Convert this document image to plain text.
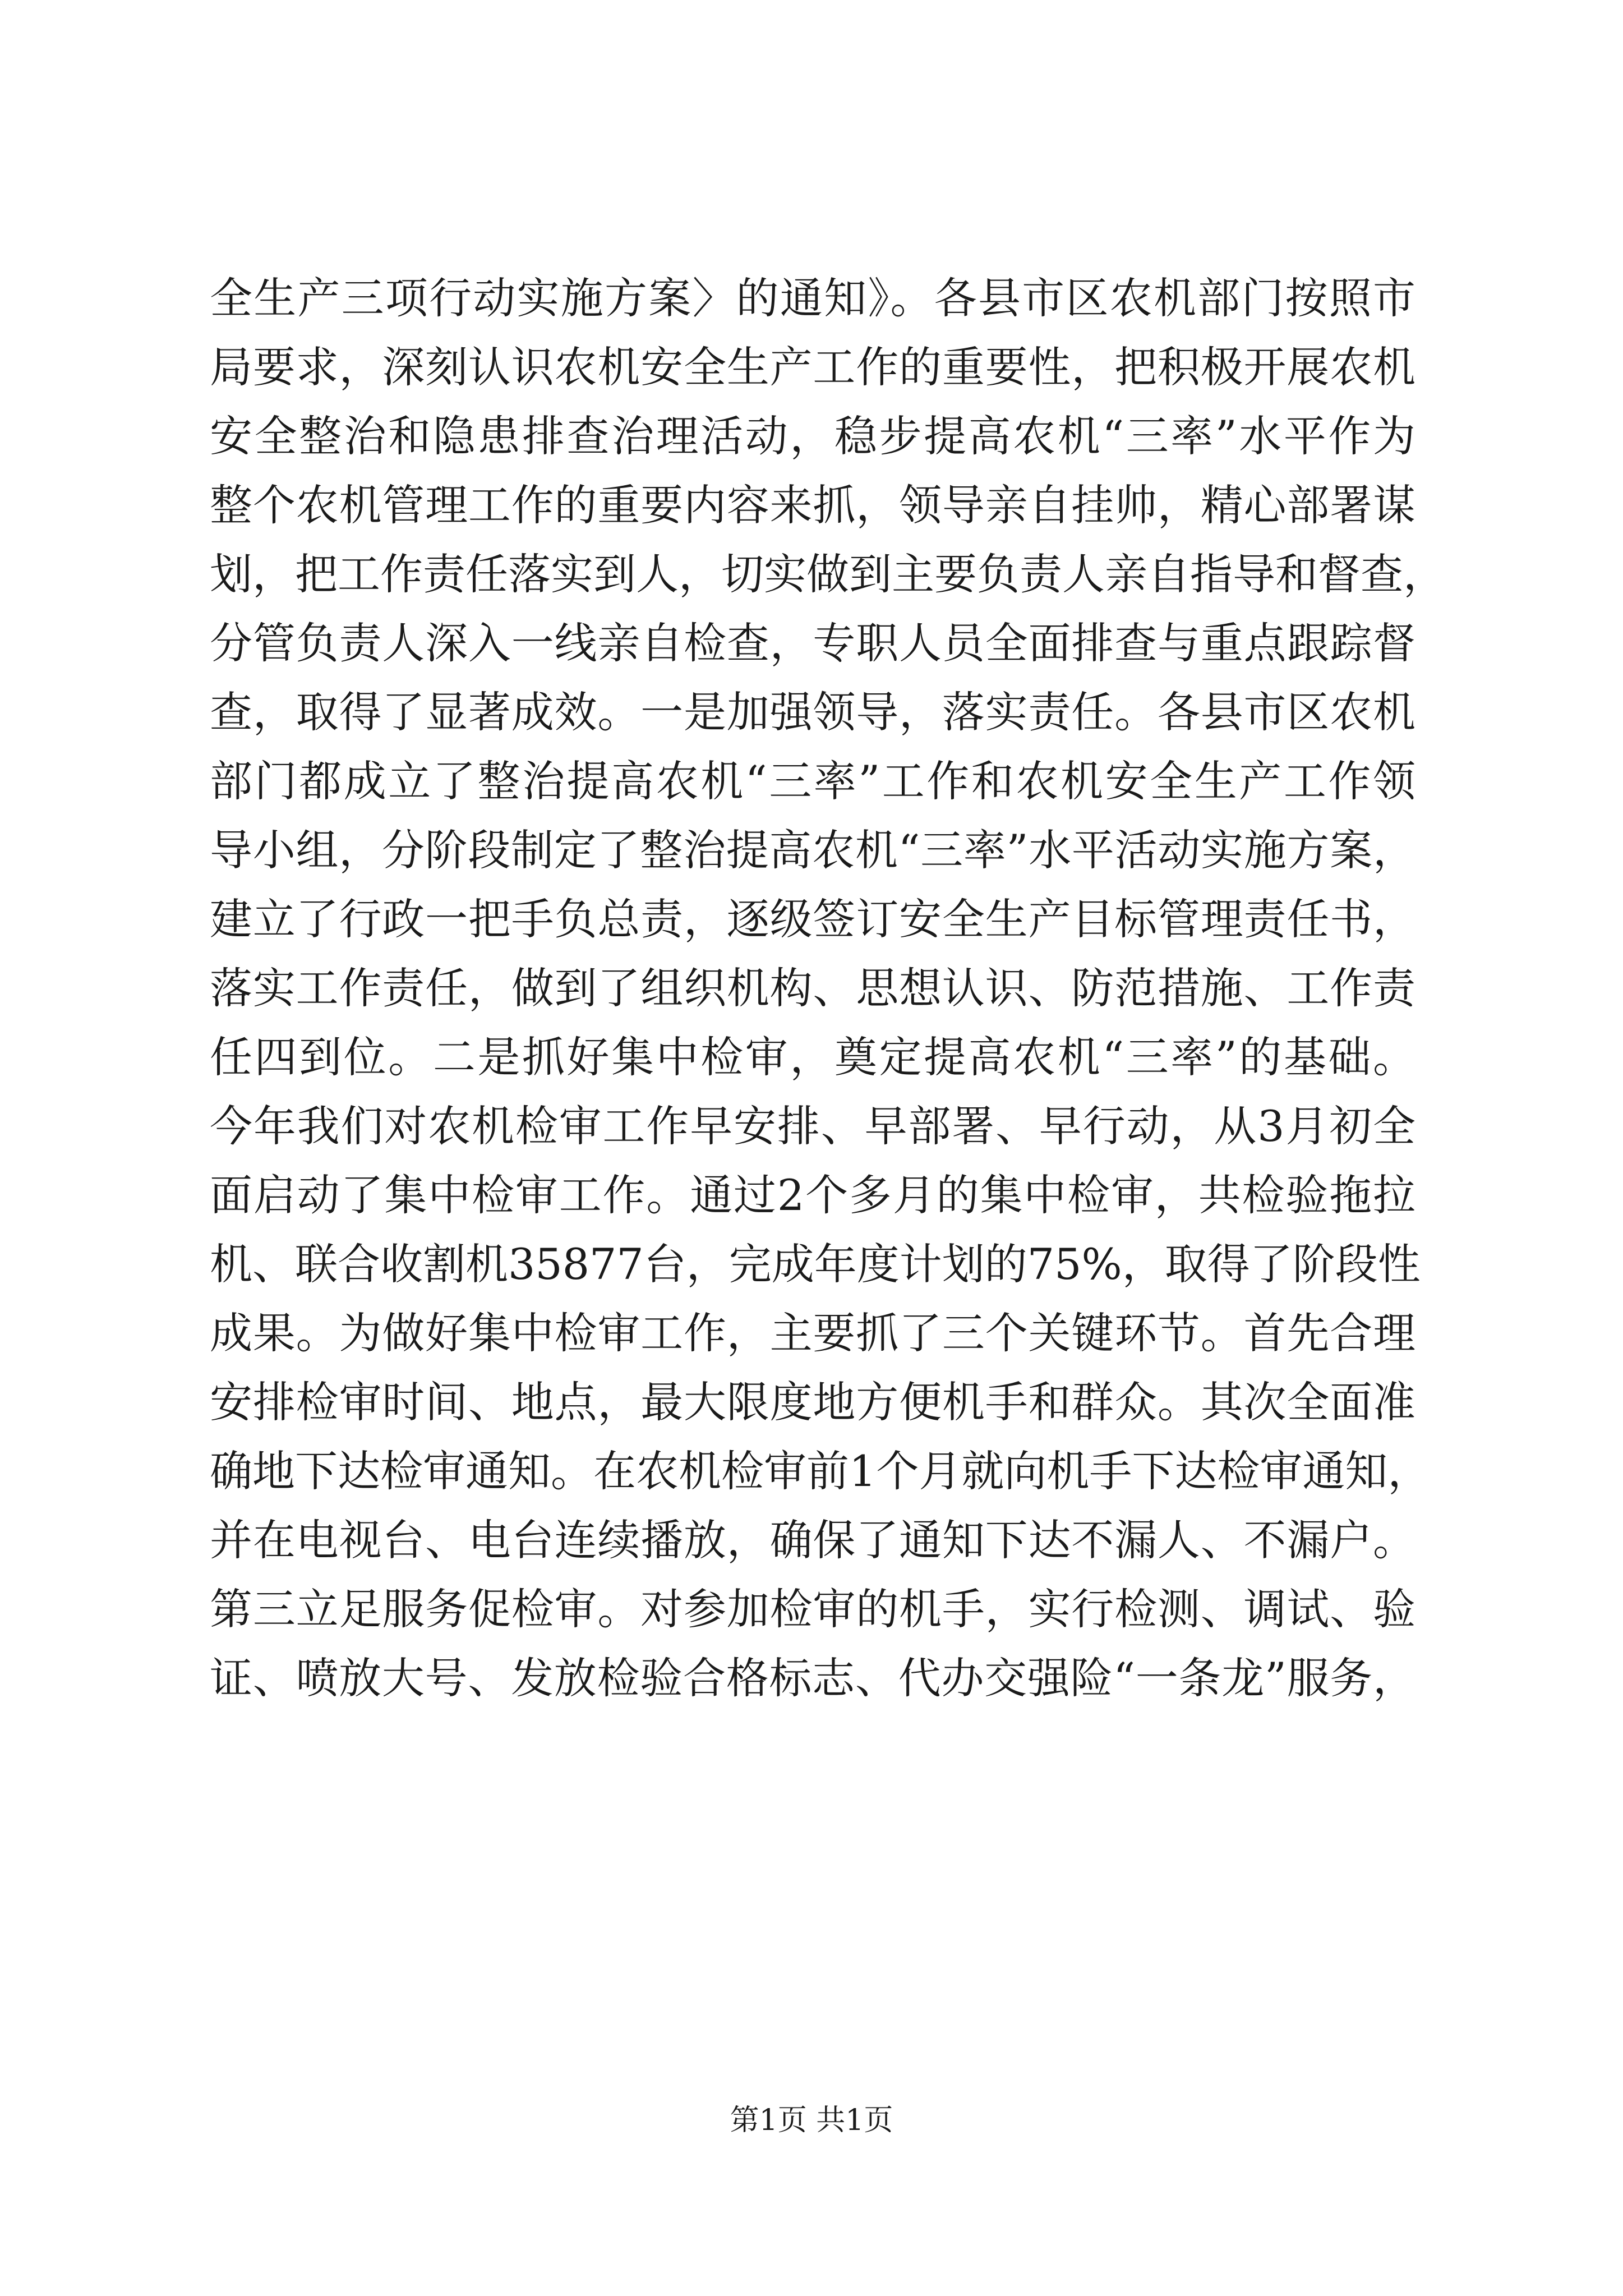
全生产三项行动实施方案〉的通知》。各县市区农机部门按照市
局要求，深刻认识农机安全生产工作的重要性，把积极开展农机
安全整治和隐患排查治理活动，稳步提高农机“三率”水平作为
整个农机管理工作的重要内容来抓，领导亲自挂帅，精心部署谋
划，把工作责任落实到人，切实做到主要负责人亲自指导和督查，
分管负责人深入一线亲自检查，专职人员全面排查与重点跟踪督
查，取得了显著成效。一是加强领导，落实责任。各县市区农机
部门都成立了整治提高农机“三率”工作和农机安全生产工作领
导小组，分阶段制定了整治提高农机“三率”水平活动实施方案，
建立了行政一把手负总责，逐级签订安全生产目标管理责任书，
落实工作责任，做到了组织机构、思想认识、防范措施、工作责
任四到位。二是抓好集中检审，奠定提高农机“三率”的基础。
今年我们对农机检审工作早安排、早部署、早行动，从3月初全
面启动了集中检审工作。通过2个多月的集中检审，共检验拖拉
机、联合收割机35877台，完成年度计划的75%，取得了阶段性
成果。为做好集中检审工作，主要抓了三个关键环节。首先合理
安排检审时间、地点，最大限度地方便机手和群众。其次全面准
确地下达检审通知。在农机检审前1个月就向机手下达检审通知，
并在电视台、电台连续播放，确保了通知下达不漏人、不漏户。
第三立足服务促检审。对参加检审的机手，实行检测、调试、验
证、喷放大号、发放检验合格标志、代办交强险“一条龙”服务，
第1页 共1页
